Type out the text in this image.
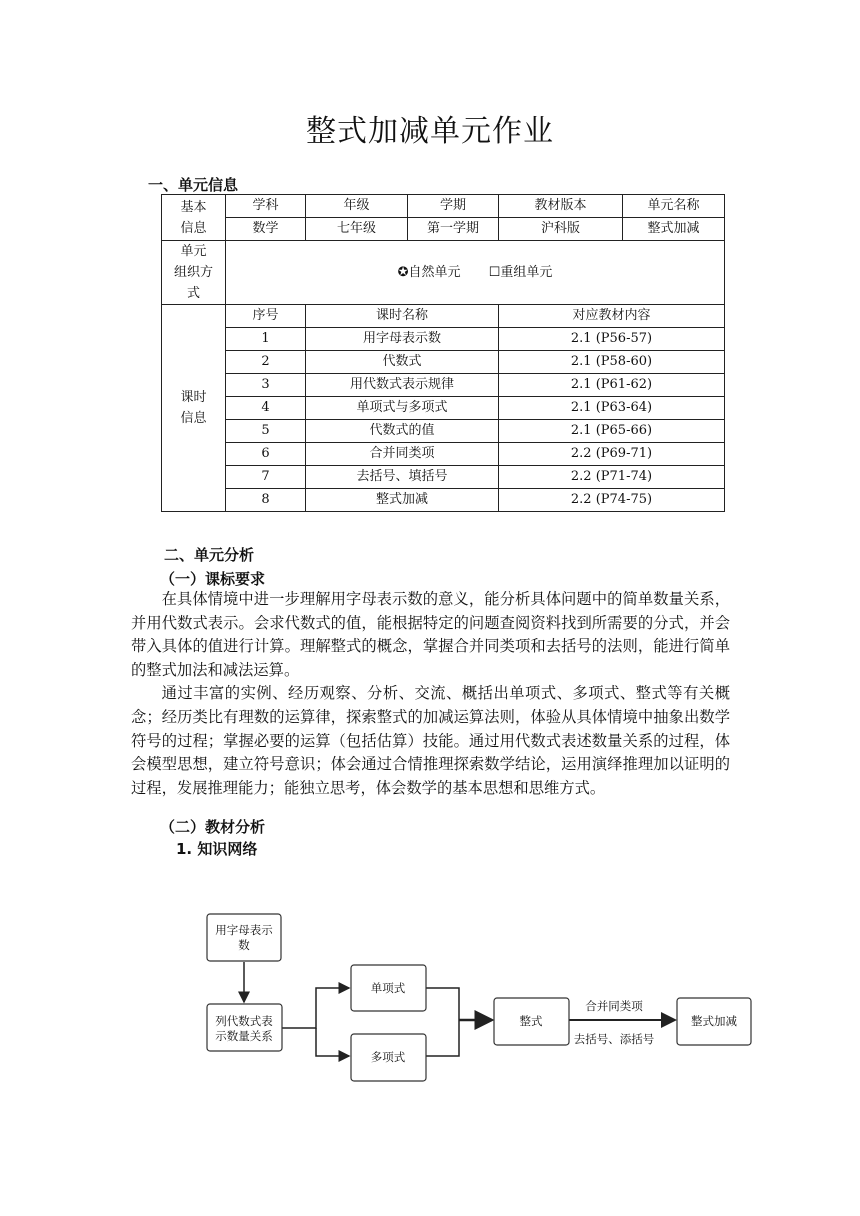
整式加减单元作业
一、单元信息
基本
信息	学科	年级	学期	教材版本	单元名称
	数学	七年级	第一学期	沪科版	整式加减

单元
组织方
式	✪自然单元 ☐重组单元				

课时
信息	序号	课时名称		对应教材内容	
	1	用字母表示数		2.1 (P56-57)	
	2	代数式		2.1 (P58-60)	
	3	用代数式表示规律		2.1 (P61-62)	
	4	单项式与多项式		2.1 (P63-64)	
	5	代数式的值		2.1 (P65-66)	
	6	合并同类项		2.2 (P69-71)	
	7	去括号、填括号		2.2 (P71-74)	
	8	整式加减		2.2 (P74-75)	
二、单元分析
（一）课标要求

在具体情境中进一步理解用字母表示数的意义，能分析具体问题中的简单数量关系，并用代数式表示。会求代数式的值，能根据特定的问题查阅资料找到所需要的分式，并会带入具体的值进行计算。理解整式的概念，掌握合并同类项和去括号的法则，能进行简单的整式加法和减法运算。

通过丰富的实例、经历观察、分析、交流、概括出单项式、多项式、整式等有关概念；经历类比有理数的运算律，探索整式的加减运算法则，体验从具体情境中抽象出数学符号的过程；掌握必要的运算（包括估算）技能。通过用代数式表述数量关系的过程，体会模型思想，建立符号意识；体会通过合情推理探索数学结论，运用演绎推理加以证明的过程，发展推理能力；能独立思考，体会数学的基本思想和思维方式。

（二）教材分析
1. 知识网络
用字母表示
数
列代数式表
示数量关系
单项式
多项式
整式	整式加减
合并同类项
去括号、添括号
